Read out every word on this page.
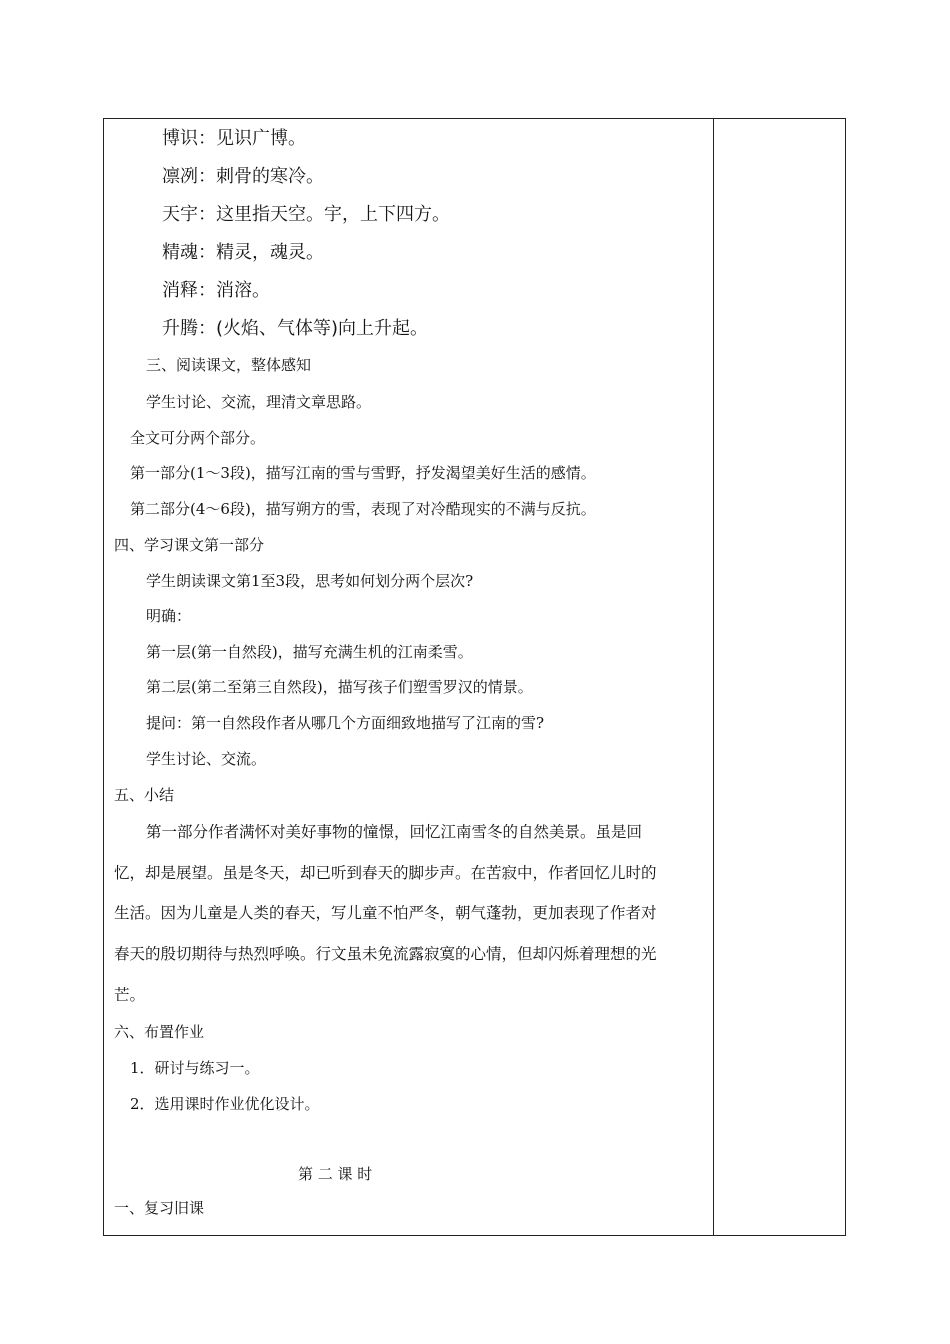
博识：见识广博。
凛冽：刺骨的寒冷。
天宇：这里指天空。宇，上下四方。
精魂：精灵，魂灵。
消释：消溶。
升腾：(火焰、气体等)向上升起。
三、阅读课文，整体感知
学生讨论、交流，理清文章思路。
全文可分两个部分。
第一部分(1～3段)，描写江南的雪与雪野，抒发渴望美好生活的感情。
第二部分(4～6段)，描写朔方的雪，表现了对冷酷现实的不满与反抗。
四、学习课文第一部分
学生朗读课文第1至3段，思考如何划分两个层次?
明确：
第一层(第一自然段)，描写充满生机的江南柔雪。
第二层(第二至第三自然段)，描写孩子们塑雪罗汉的情景。
提问：第一自然段作者从哪几个方面细致地描写了江南的雪?
学生讨论、交流。
五、小结
第一部分作者满怀对美好事物的憧憬，回忆江南雪冬的自然美景。虽是回
忆，却是展望。虽是冬天，却已听到春天的脚步声。在苦寂中，作者回忆儿时的
生活。因为儿童是人类的春天，写儿童不怕严冬，朝气蓬勃，更加表现了作者对
春天的殷切期待与热烈呼唤。行文虽未免流露寂寞的心情，但却闪烁着理想的光
芒。
六、布置作业
1．研讨与练习一。
2．选用课时作业优化设计。
第 二 课 时
一、复习旧课
